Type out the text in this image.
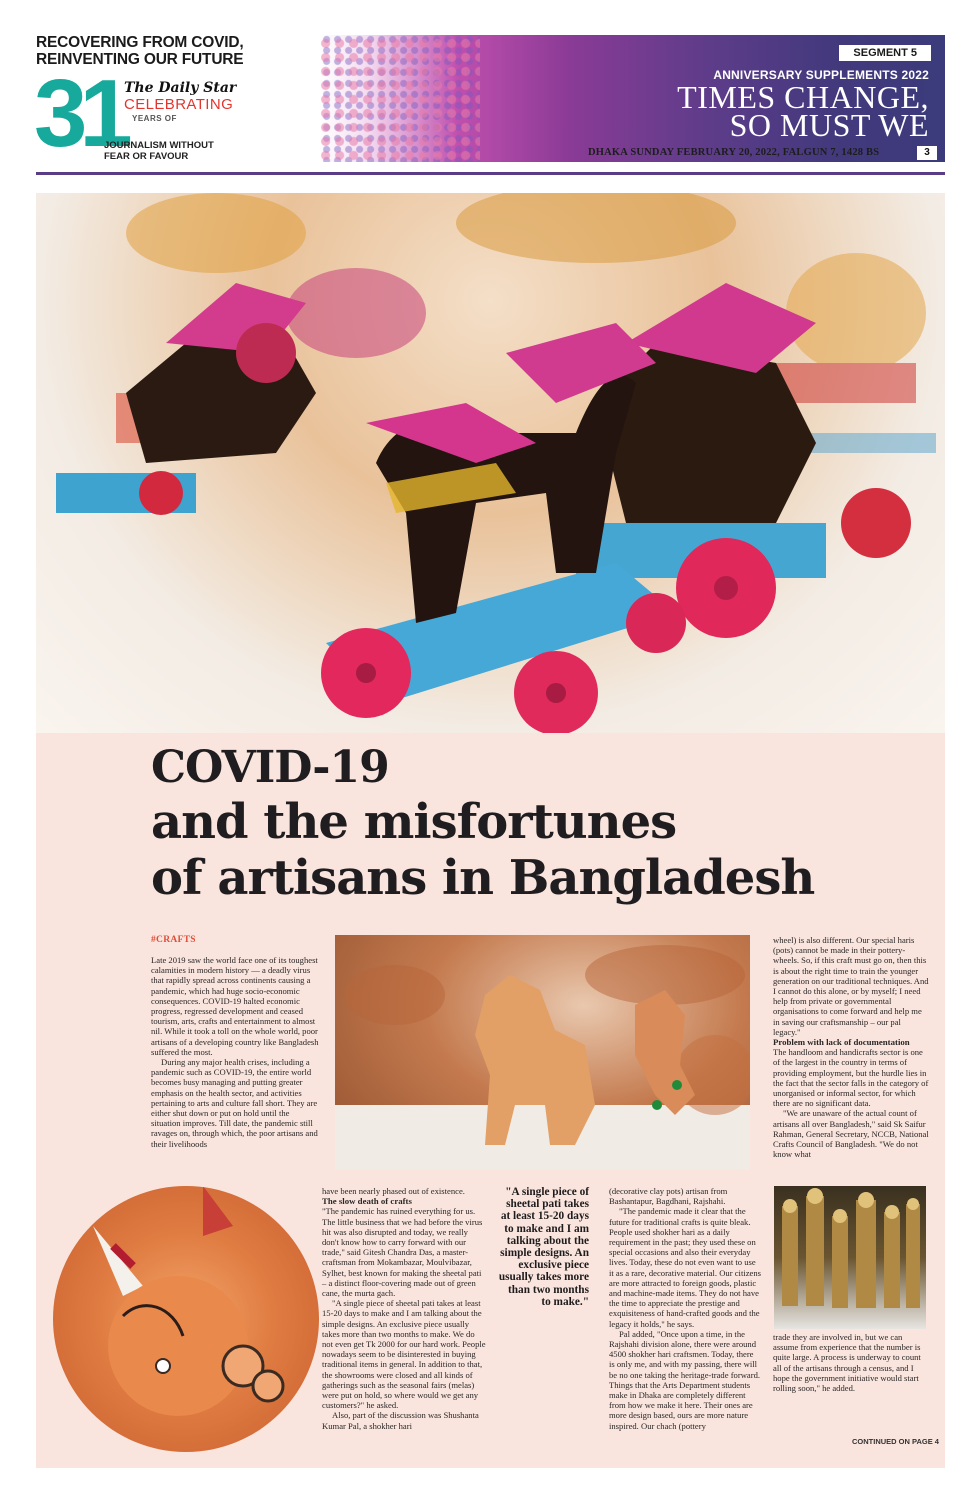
RECOVERING FROM COVID, REINVENTING OUR FUTURE
31 The Daily Star
CELEBRATING
YEARS OF
JOURNALISM WITHOUT FEAR OR FAVOUR
SEGMENT 5
ANNIVERSARY SUPPLEMENTS 2022
TIMES CHANGE,
SO MUST WE
DHAKA SUNDAY FEBRUARY 20, 2022, FALGUN 7, 1428 BS	3
COVID-19
and the misfortunes
of artisans in Bangladesh
#CRAFTS

Late 2019 saw the world face one of its toughest calamities in modern history — a deadly virus that rapidly spread across continents causing a pandemic, which had huge socio-economic consequences. COVID-19 halted economic progress, regressed development and ceased tourism, arts, crafts and entertainment to almost nil. While it took a toll on the whole world, poor artisans of a developing country like Bangladesh suffered the most.

During any major health crises, including a pandemic such as COVID-19, the entire world becomes busy managing and putting greater emphasis on the health sector, and activities pertaining to arts and culture fall short. They are either shut down or put on hold until the situation improves. Till date, the pandemic still ravages on, through which, the poor artisans and their livelihoods

have been nearly phased out of existence.

The slow death of crafts

"The pandemic has ruined everything for us. The little business that we had before the virus hit was also disrupted and today, we really don't know how to carry forward with our trade," said Gitesh Chandra Das, a master-craftsman from Mokambazar, Moulvibazar, Sylhet, best known for making the sheetal pati – a distinct floor-covering made out of green cane, the murta gach.

"A single piece of sheetal pati takes at least 15-20 days to make and I am talking about the simple designs. An exclusive piece usually takes more than two months to make. We do not even get Tk 2000 for our hard work. People nowadays seem to be disinterested in buying traditional items in general. In addition to that, the showrooms were closed and all kinds of gatherings such as the seasonal fairs (melas) were put on hold, so where would we get any customers?" he asked.

Also, part of the discussion was Shushanta Kumar Pal, a shokher hari

"A single piece of sheetal pati takes at least 15-20 days to make and I am talking about the simple designs. An exclusive piece usually takes more than two months to make."

(decorative clay pots) artisan from Bashantapur, Bagdhani, Rajshahi.

"The pandemic made it clear that the future for traditional crafts is quite bleak. People used shokher hari as a daily requirement in the past; they used these on special occasions and also their everyday lives. Today, these do not even want to use it as a rare, decorative material. Our citizens are more attracted to foreign goods, plastic and machine-made items. They do not have the time to appreciate the prestige and exquisiteness of hand-crafted goods and the legacy it holds," he says.

Pal added, "Once upon a time, in the Rajshahi division alone, there were around 4500 shokher hari craftsmen. Today, there is only me, and with my passing, there will be no one taking the heritage-trade forward. Things that the Arts Department students make in Dhaka are completely different from how we make it here. Their ones are more design based, ours are more nature inspired. Our chach (pottery

wheel) is also different. Our special haris (pots) cannot be made in their pottery-wheels. So, if this craft must go on, then this is about the right time to train the younger generation on our traditional techniques. And I cannot do this alone, or by myself; I need help from private or governmental organisations to come forward and help me in saving our craftsmanship – our pal legacy."

Problem with lack of documentation

The handloom and handicrafts sector is one of the largest in the country in terms of providing employment, but the hurdle lies in the fact that the sector falls in the category of unorganised or informal sector, for which there are no significant data.

"We are unaware of the actual count of artisans all over Bangladesh," said Sk Saifur Rahman, General Secretary, NCCB, National Crafts Council of Bangladesh. "We do not know what

trade they are involved in, but we can assume from experience that the number is quite large. A process is underway to count all of the artisans through a census, and I hope the government initiative would start rolling soon," he added.

CONTINUED ON PAGE 4
